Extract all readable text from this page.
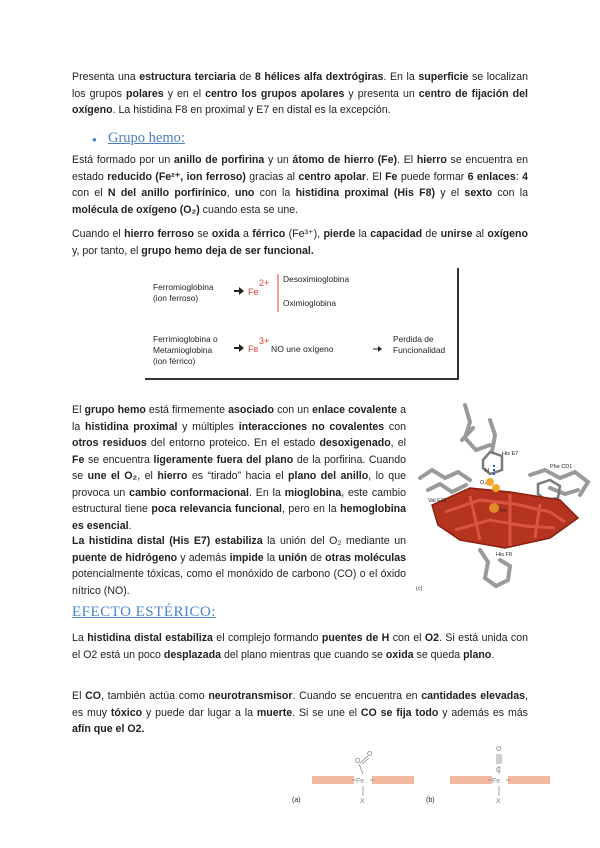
Presenta una estructura terciaria de 8 hélices alfa dextrógiras. En la superficie se localizan los grupos polares y en el centro los grupos apolares y presenta un centro de fijación del oxígeno. La histidina F8 en proximal y E7 en distal es la excepción.

● Grupo hemo:

Está formado por un anillo de porfirina y un átomo de hierro (Fe). El hierro se encuentra en estado reducido (Fe²⁺, ion ferroso) gracias al centro apolar. El Fe puede formar 6 enlaces: 4 con el N del anillo porfirínico, uno con la histidina proximal (His F8) y el sexto con la molécula de oxígeno (O₂) cuando esta se une.

Cuando el hierro ferroso se oxida a férrico (Fe³⁺), pierde la capacidad de unirse al oxígeno y, por tanto, el grupo hemo deja de ser funcional.

Ferromioglobina
(ion ferroso)
Fe
2+ Desoximioglobina
Oximioglobina
Ferrimioglobina o
Metamioglobina
(ion férrico)
Fe
3+
NO une oxígeno
Perdida de
Funcionalidad

El grupo hemo está firmemente asociado con un enlace covalente a la histidina proximal y múltiples interacciones no covalentes con otros residuos del entorno proteico. En el estado desoxigenado, el Fe se encuentra ligeramente fuera del plano de la porfirina. Cuando se une el O₂, el hierro es “tirado” hacia el plano del anillo, lo que provoca un cambio conformacional. En la mioglobina, este cambio estructural tiene poca relevancia funcional, pero en la hemoglobina es esencial.

La histidina distal (His E7) estabiliza la unión del O₂ mediante un puente de hidrógeno y además impide la unión de otras moléculas potencialmente tóxicas, como el monóxido de carbono (CO) o el óxido nítrico (NO).

His E7
Phe CD1
Val E11
His F8
O₂
H
Fe
(c)
EFECTO ESTÉRICO:

La histidina distal estabiliza el complejo formando puentes de H con el O2. Si está unida con el O2 está un poco desplazada del plano mientras que cuando se oxida se queda plano.

El CO, también actúa como neurotransmisor. Cuando se encuentra en cantidades elevadas, es muy tóxico y puede dar lugar a la muerte. Si se une el CO se fija todo y además es más afín que el O2.

Fe
X
O
O
Fe
X
C
O
(a)	(b)
